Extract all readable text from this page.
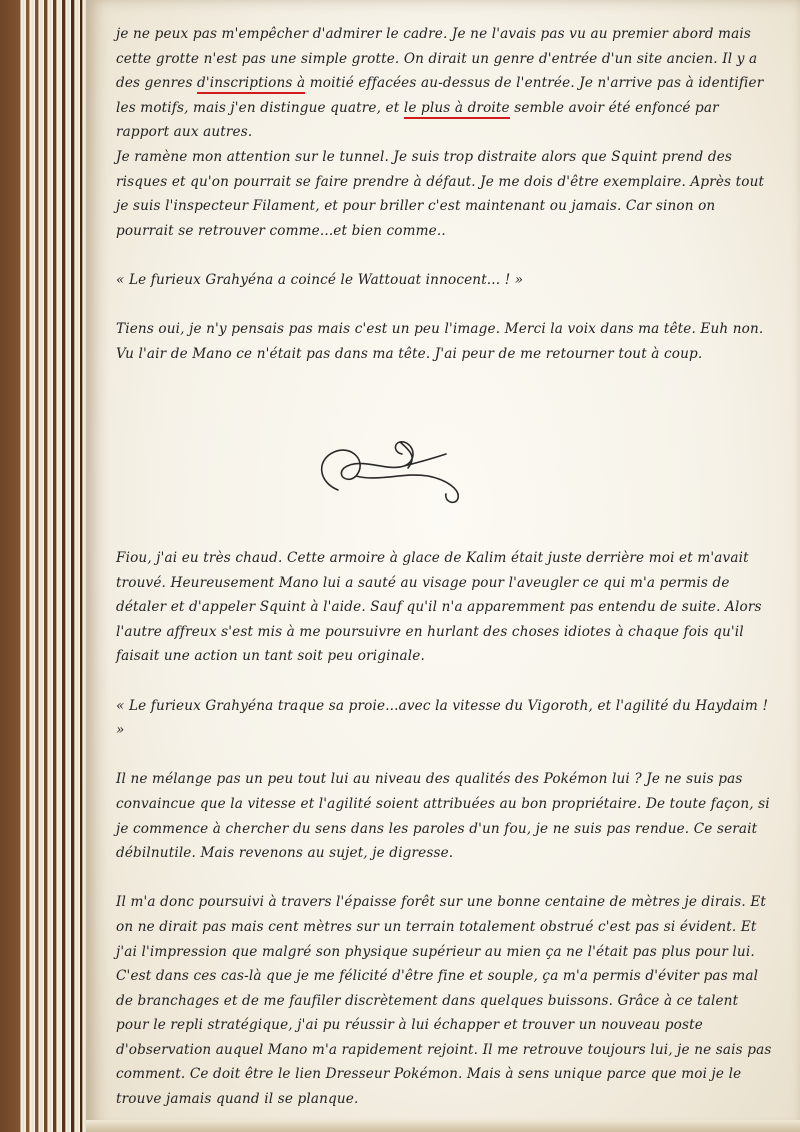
je ne peux pas m'empêcher d'admirer le cadre. Je ne l'avais pas vu au premier abord mais cette grotte n'est pas une simple grotte. On dirait un genre d'entrée d'un site ancien. Il y a des genres d'inscriptions à moitié effacées au-dessus de l'entrée. Je n'arrive pas à identifier les motifs, mais j'en distingue quatre, et le plus à droite semble avoir été enfoncé par rapport aux autres.

Je ramène mon attention sur le tunnel. Je suis trop distraite alors que Squint prend des risques et qu'on pourrait se faire prendre à défaut. Je me dois d'être exemplaire. Après tout je suis l'inspecteur Filament, et pour briller c'est maintenant ou jamais. Car sinon on pourrait se retrouver comme...et bien comme..

« Le furieux Grahyéna a coincé le Wattouat innocent... ! »

Tiens oui, je n'y pensais pas mais c'est un peu l'image. Merci la voix dans ma tête. Euh non. Vu l'air de Mano ce n'était pas dans ma tête. J'ai peur de me retourner tout à coup.

Fiou, j'ai eu très chaud. Cette armoire à glace de Kalim était juste derrière moi et m'avait trouvé. Heureusement Mano lui a sauté au visage pour l'aveugler ce qui m'a permis de détaler et d'appeler Squint à l'aide. Sauf qu'il n'a apparemment pas entendu de suite. Alors l'autre affreux s'est mis à me poursuivre en hurlant des choses idiotes à chaque fois qu'il faisait une action un tant soit peu originale.

« Le furieux Grahyéna traque sa proie...avec la vitesse du Vigoroth, et l'agilité du Haydaim ! »

Il ne mélange pas un peu tout lui au niveau des qualités des Pokémon lui ? Je ne suis pas convaincue que la vitesse et l'agilité soient attribuées au bon propriétaire. De toute façon, si je commence à chercher du sens dans les paroles d'un fou, je ne suis pas rendue. Ce serait débilnutile. Mais revenons au sujet, je digresse.

Il m'a donc poursuivi à travers l'épaisse forêt sur une bonne centaine de mètres je dirais. Et on ne dirait pas mais cent mètres sur un terrain totalement obstrué c'est pas si évident. Et j'ai l'impression que malgré son physique supérieur au mien ça ne l'était pas plus pour lui. C'est dans ces cas-là que je me félicité d'être fine et souple, ça m'a permis d'éviter pas mal de branchages et de me faufiler discrètement dans quelques buissons. Grâce à ce talent pour le repli stratégique, j'ai pu réussir à lui échapper et trouver un nouveau poste d'observation auquel Mano m'a rapidement rejoint. Il me retrouve toujours lui, je ne sais pas comment. Ce doit être le lien Dresseur Pokémon. Mais à sens unique parce que moi je le trouve jamais quand il se planque.
